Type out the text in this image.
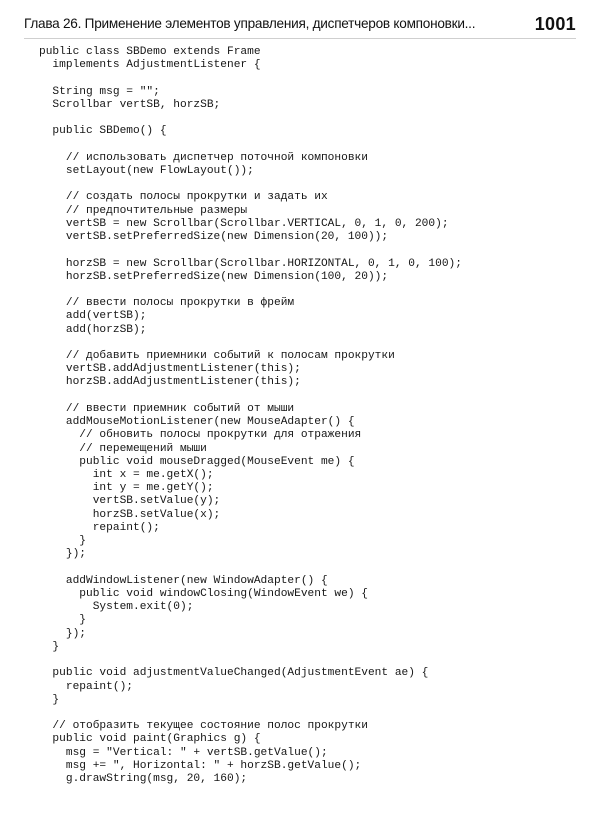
Глава 26. Применение элементов управления, диспетчеров компоновки...	1001
public class SBDemo extends Frame
implements AdjustmentListener {

String msg = "";
Scrollbar vertSB, horzSB;

public SBDemo() {

// использовать диспетчер поточной компоновки
setLayout(new FlowLayout());

// создать полосы прокрутки и задать их
// предпочтительные размеры
vertSB = new Scrollbar(Scrollbar.VERTICAL, 0, 1, 0, 200);
vertSB.setPreferredSize(new Dimension(20, 100));

horzSB = new Scrollbar(Scrollbar.HORIZONTAL, 0, 1, 0, 100);
horzSB.setPreferredSize(new Dimension(100, 20));

// ввести полосы прокрутки в фрейм
add(vertSB);
add(horzSB);

// добавить приемники событий к полосам прокрутки
vertSB.addAdjustmentListener(this);
horzSB.addAdjustmentListener(this);

// ввести приемник событий от мыши
addMouseMotionListener(new MouseAdapter() {
// обновить полосы прокрутки для отражения
// перемещений мыши
public void mouseDragged(MouseEvent me) {
int x = me.getX();
int y = me.getY();
vertSB.setValue(y);
horzSB.setValue(x);
repaint();
}
});

addWindowListener(new WindowAdapter() {
public void windowClosing(WindowEvent we) {
System.exit(0);
}
});
}

public void adjustmentValueChanged(AdjustmentEvent ae) {
repaint();
}

// отобразить текущее состояние полос прокрутки
public void paint(Graphics g) {
msg = "Vertical: " + vertSB.getValue();
msg += ", Horizontal: " + horzSB.getValue();
g.drawString(msg, 20, 160);
